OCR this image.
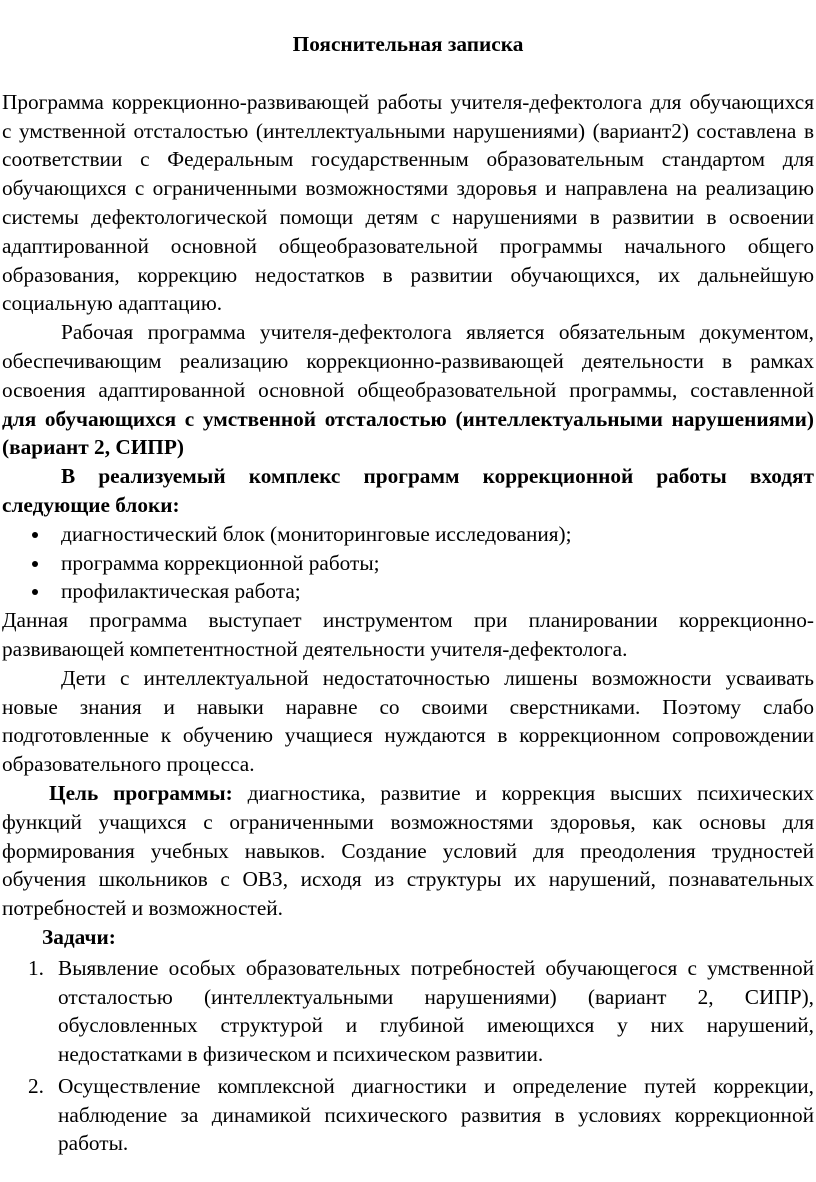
Пояснительная записка

Программа коррекционно-развивающей работы учителя-дефектолога для обучающихся с умственной отсталостью (интеллектуальными нарушениями) (вариант2) составлена в соответствии с Федеральным государственным образовательным стандартом для обучающихся с ограниченными возможностями здоровья и направлена на реализацию системы дефектологической помощи детям с нарушениями в развитии в освоении адаптированной основной общеобразовательной программы начального общего образования, коррекцию недостатков в развитии обучающихся, их дальнейшую социальную адаптацию.

Рабочая программа учителя-дефектолога является обязательным документом, обеспечивающим реализацию коррекционно-развивающей деятельности в рамках освоения адаптированной основной общеобразовательной программы, составленной для обучающихся с умственной отсталостью (интеллектуальными нарушениями) (вариант 2, СИПР)

В реализуемый комплекс программ коррекционной работы входят следующие блоки:

диагностический блок (мониторинговые исследования);
программа коррекционной работы;
профилактическая работа;

Данная программа выступает инструментом при планировании коррекционно-развивающей компетентностной деятельности учителя-дефектолога.

Дети с интеллектуальной недостаточностью лишены возможности усваивать новые знания и навыки наравне со своими сверстниками. Поэтому слабо подготовленные к обучению учащиеся нуждаются в коррекционном сопровождении образовательного процесса.

Цель программы: диагностика, развитие и коррекция высших психических функций учащихся с ограниченными возможностями здоровья, как основы для формирования учебных навыков. Создание условий для преодоления трудностей обучения школьников с ОВЗ, исходя из структуры их нарушений, познавательных потребностей и возможностей.

Задачи:

1. Выявление особых образовательных потребностей обучающегося с умственной отсталостью (интеллектуальными нарушениями) (вариант 2, СИПР), обусловленных структурой и глубиной имеющихся у них нарушений, недостатками в физическом и психическом развитии.

2. Осуществление комплексной диагностики и определение путей коррекции, наблюдение за динамикой психического развития в условиях коррекционной работы.
